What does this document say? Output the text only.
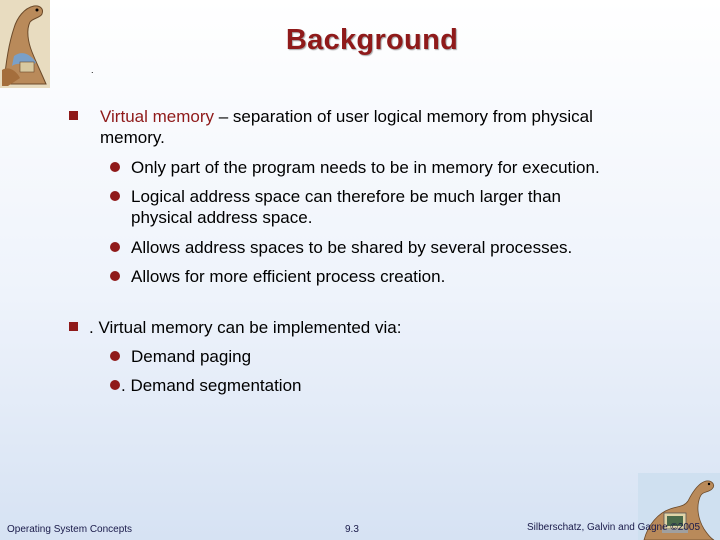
.
Background
Virtual memory – separation of user logical memory from physical
memory.
Only part of the program needs to be in memory for execution.
Logical address space can therefore be much larger than
physical address space.
Allows address spaces to be shared by several processes.
Allows for more efficient process creation.
. Virtual memory can be implemented via:
Demand paging
. Demand segmentation
Operating System Concepts	9.3	Silberschatz, Galvin and Gagne ©2005
